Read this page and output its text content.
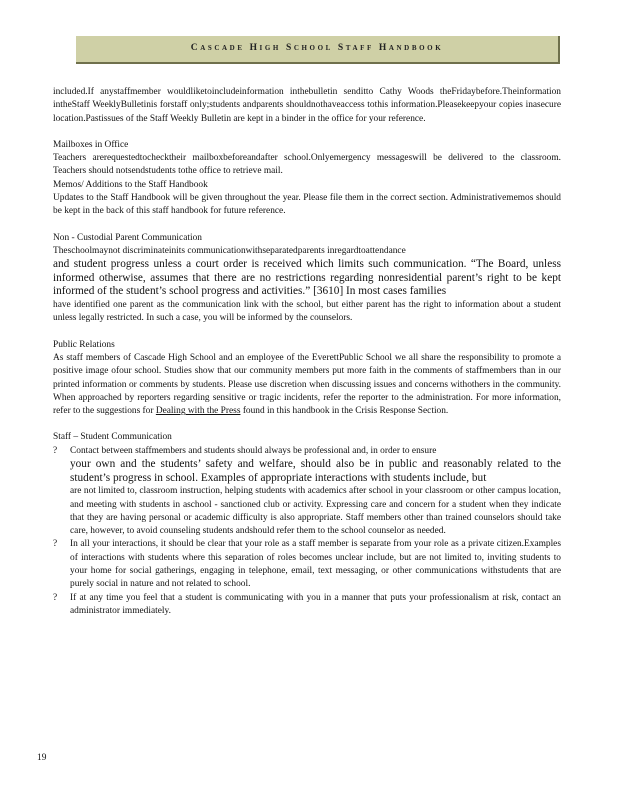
Cascade High School Staff Handbook

included.If anystaffmember wouldliketoincludeinformation inthebulletin senditto Cathy Woods theFridaybefore.Theinformation intheStaff WeeklyBulletinis forstaff only;students andparents shouldnothaveaccess tothis information.Pleasekeepyour copies inasecure location.Pastissues of the Staff Weekly Bulletin are kept in a binder in the office for your reference.

Mailboxes in Office

Teachers arerequestedtochecktheir mailboxbeforeandafter school.Onlyemergency messageswill be delivered to the classroom. Teachers should notsendstudents tothe office to retrieve mail.

Memos/ Additions to the Staff Handbook

Updates to the Staff Handbook will be given throughout the year. Please file them in the correct section. Administrativememos should be kept in the back of this staff handbook for future reference.

Non - Custodial Parent Communication
Theschoolmaynot discriminateinits communicationwithseparatedparents inregardtoattendance
and student progress unless a court order is received which limits such communication. “The Board, unless informed otherwise, assumes that there are no restrictions regarding nonresidential parent’s right to be kept informed of the student’s school progress and activities.” [3610] In most cases families
have identified one parent as the communication link with the school, but either parent has the right to information about a student unless legally restricted. In such a case, you will be informed by the counselors.
Public Relations

As staff members of Cascade High School and an employee of the EverettPublic School we all share the responsibility to promote a positive image ofour school. Studies show that our community members put more faith in the comments of staffmembers than in our printed information or comments by students. Please use discretion when discussing issues and concerns withothers in the community. When approached by reporters regarding sensitive or tragic incidents, refer the reporter to the administration. For more information, refer to the suggestions for Dealing with the Press found in this handbook in the Crisis Response Section.

Staff – Student Communication
? Contact between staffmembers and students should always be professional and, in order to ensure
your own and the students’ safety and welfare, should also be in public and reasonably related to the student’s progress in school. Examples of appropriate interactions with students include, but
are not limited to, classroom instruction, helping students with academics after school in your classroom or other campus location, and meeting with students in aschool - sanctioned club or activity. Expressing care and concern for a student when they indicate that they are having personal or academic difficulty is also appropriate. Staff members other than trained counselors should take care, however, to avoid counseling students andshould refer them to the school counselor as needed.
? In all your interactions, it should be clear that your role as a staff member is separate from your role as a private citizen.Examples of interactions with students where this separation of roles becomes unclear include, but are not limited to, inviting students to your home for social gatherings, engaging in telephone, email, text messaging, or other communications withstudents that are purely social in nature and not related to school.
? If at any time you feel that a student is communicating with you in a manner that puts your professionalism at risk, contact an administrator immediately.
19
